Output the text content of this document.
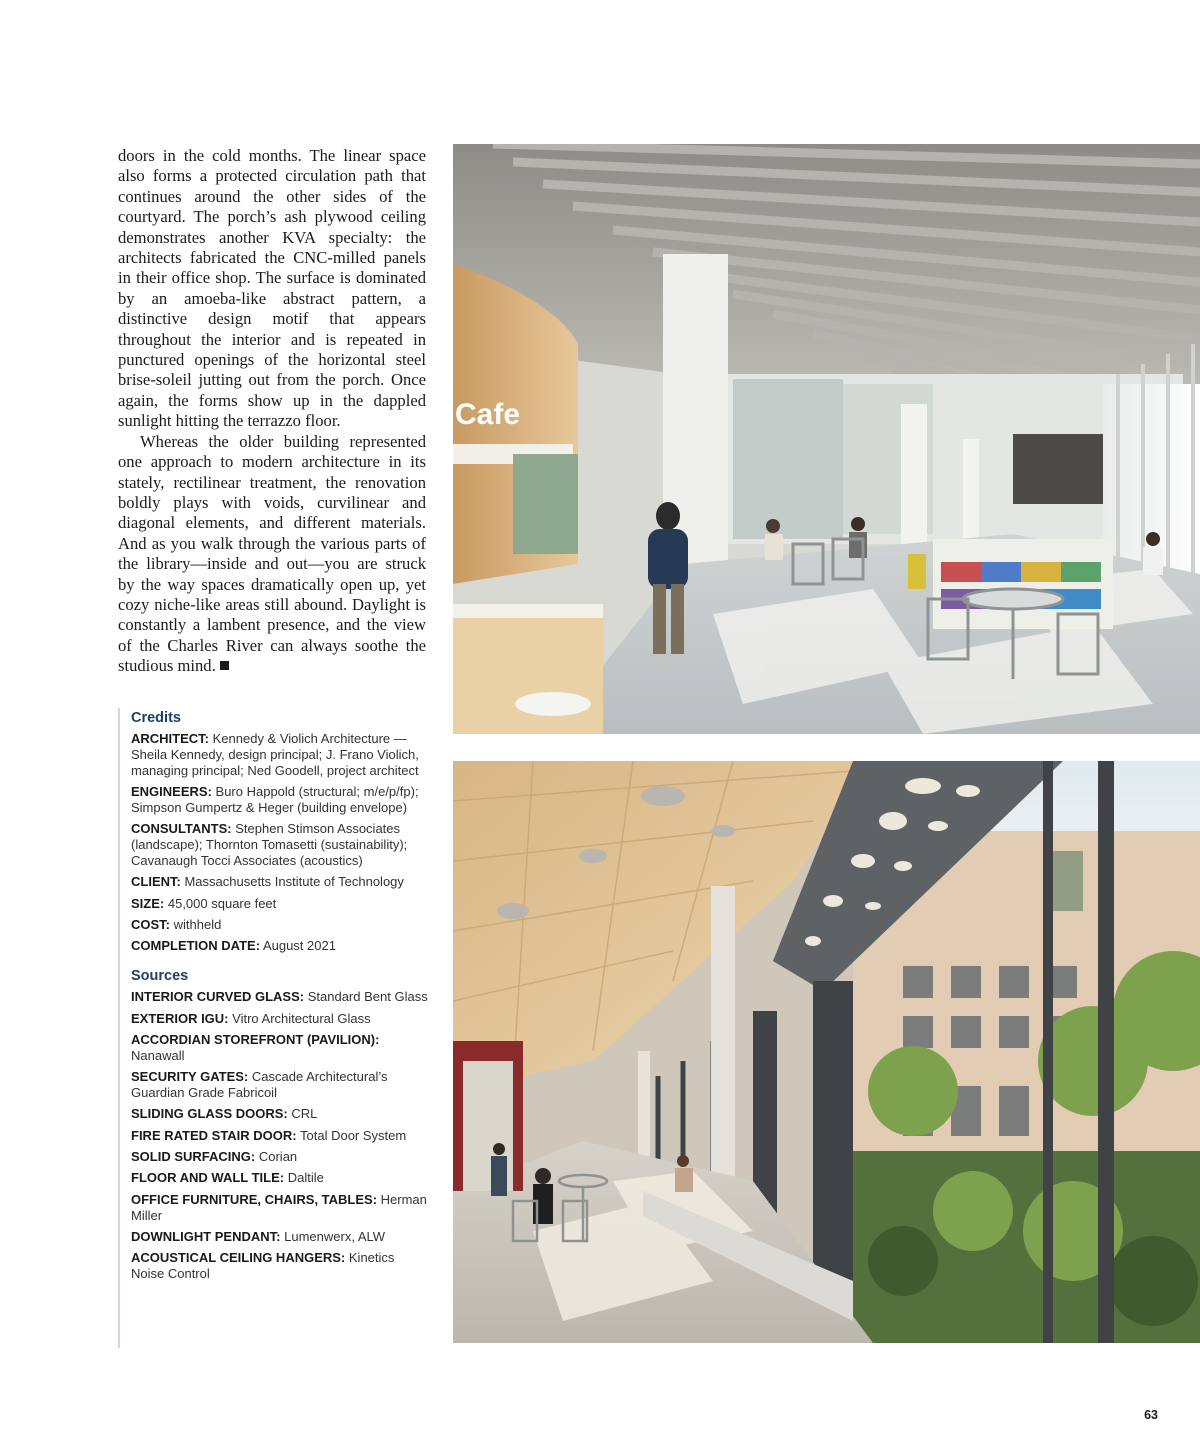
doors in the cold months. The linear space also forms a protected circulation path that continues around the other sides of the courtyard. The porch’s ash plywood ceiling demonstrates another KVA specialty: the architects fabricated the CNC-milled panels in their office shop. The surface is dominated by an amoeba-like abstract pattern, a distinctive design motif that appears throughout the interior and is repeated in punctured openings of the horizontal steel brise-soleil jutting out from the porch. Once again, the forms show up in the dappled sunlight hitting the terrazzo floor.

Whereas the older building represented one approach to modern architecture in its stately, rectilinear treatment, the renovation boldly plays with voids, curvilinear and diagonal elements, and different materials. And as you walk through the various parts of the library—inside and out—you are struck by the way spaces dramatically open up, yet cozy niche-like areas still abound. Daylight is constantly a lambent presence, and the view of the Charles River can always soothe the studious mind.

Credits
ARCHITECT: Kennedy & Violich Architecture — Sheila Kennedy, design principal; J. Frano Violich, managing principal; Ned Goodell, project architect
ENGINEERS: Buro Happold (structural; m/e/p/fp); Simpson Gumpertz & Heger (building envelope)
CONSULTANTS: Stephen Stimson Associates (landscape); Thornton Tomasetti (sustainability); Cavanaugh Tocci Associates (acoustics)
CLIENT: Massachusetts Institute of Technology
SIZE: 45,000 square feet
COST: withheld
COMPLETION DATE: August 2021
Sources
INTERIOR CURVED GLASS: Standard Bent Glass
EXTERIOR IGU: Vitro Architectural Glass
ACCORDIAN STOREFRONT (PAVILION): Nanawall
SECURITY GATES: Cascade Architectural’s Guardian Grade Fabricoil
SLIDING GLASS DOORS: CRL
FIRE RATED STAIR DOOR: Total Door System
SOLID SURFACING: Corian
FLOOR AND WALL TILE: Daltile
OFFICE FURNITURE, CHAIRS, TABLES: Herman Miller
DOWNLIGHT PENDANT: Lumenwerx, ALW
ACOUSTICAL CEILING HANGERS: Kinetics Noise Control
Cafe
63
